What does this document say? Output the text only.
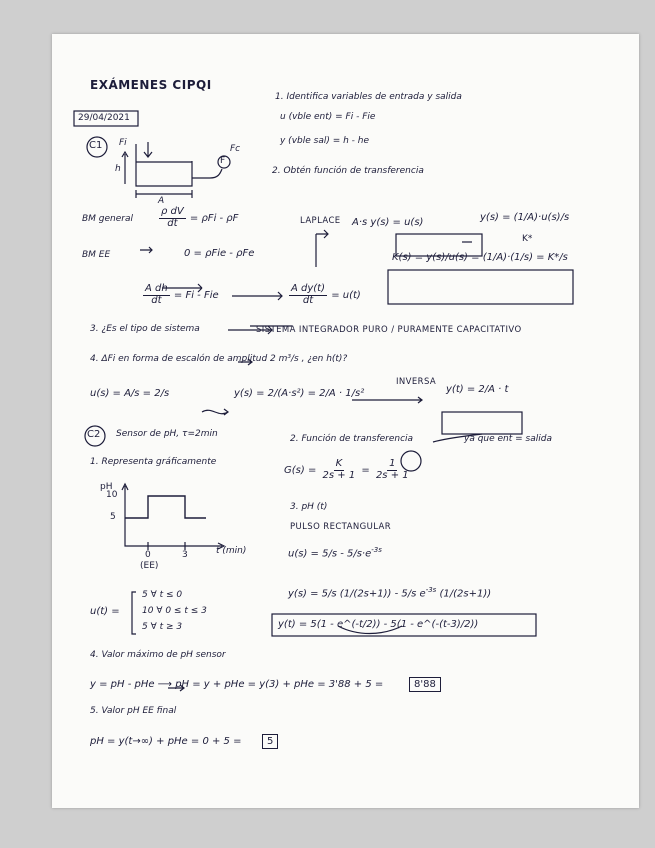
EXÁMENES CIPQI
29/04/2021
C1 Fi
h
A
Fc
F
1. Identifica variables de entrada y salida
u (vble ent) = Fi - Fie
y (vble sal) = h - he
2. Obtén función de transferencia
BM general	$\frac{\text{ρ dV}}{dt} = \rho Fi - \rho F$
BM EE	0 = ρFie - ρFe
LAPLACE A·s y(s) = u(s)	y(s) = (1/A)·u(s)/s
K(s) = y(s)/u(s) = (1/A)·(1/s) = K*/s
K*
$\frac{\text{A dh}}{dt} = Fi$ - Fie	$\frac{\text{A dy(t)}}{dt} = u(t)$
3. ¿Es el tipo de sistema	SISTEMA INTEGRADOR PURO / PURAMENTE CAPACITATIVO
4. ΔFi en forma de escalón de amplitud 2 m³/s , ¿en h(t)?
u(s) = A/s = 2/s	y(s) = 2/(A·s²) = 2/A · 1/s²
INVERSA
y(t) = 2/A · t
C2 Sensor de pH, τ=2min
1. Representa gráficamente
pH
10
5
0	3	t (min)
(EE)
u(t) =
5 ∀ t ≤ 0
10 ∀ 0 ≤ t ≤ 3
5 ∀ t ≥ 3
2. Función de transferencia	ya que ent = salida
$G(s) = \frac{K}{2s + 1} = \frac{1}{2s + 1}$
3. pH (t)
PULSO RECTANGULAR
$u(s) = 5/s - 5/s\cdot e^{-3s}$
y(s) = 5/s (1/(2s+1)) - 5/s $e^{-3s}$ (1/(2s+1))
y(t) = 5(1 - e^(-t/2)) - 5(1 - e^(-(t-3)/2))
4. Valor máximo de pH sensor
y = pH - pHe ⟶ pH = y + pHe = y(3) + pHe = 3'88 + 5 =	8'88
5. Valor pH EE final
pH = y(t→∞) + pHe = 0 + 5 =	5
